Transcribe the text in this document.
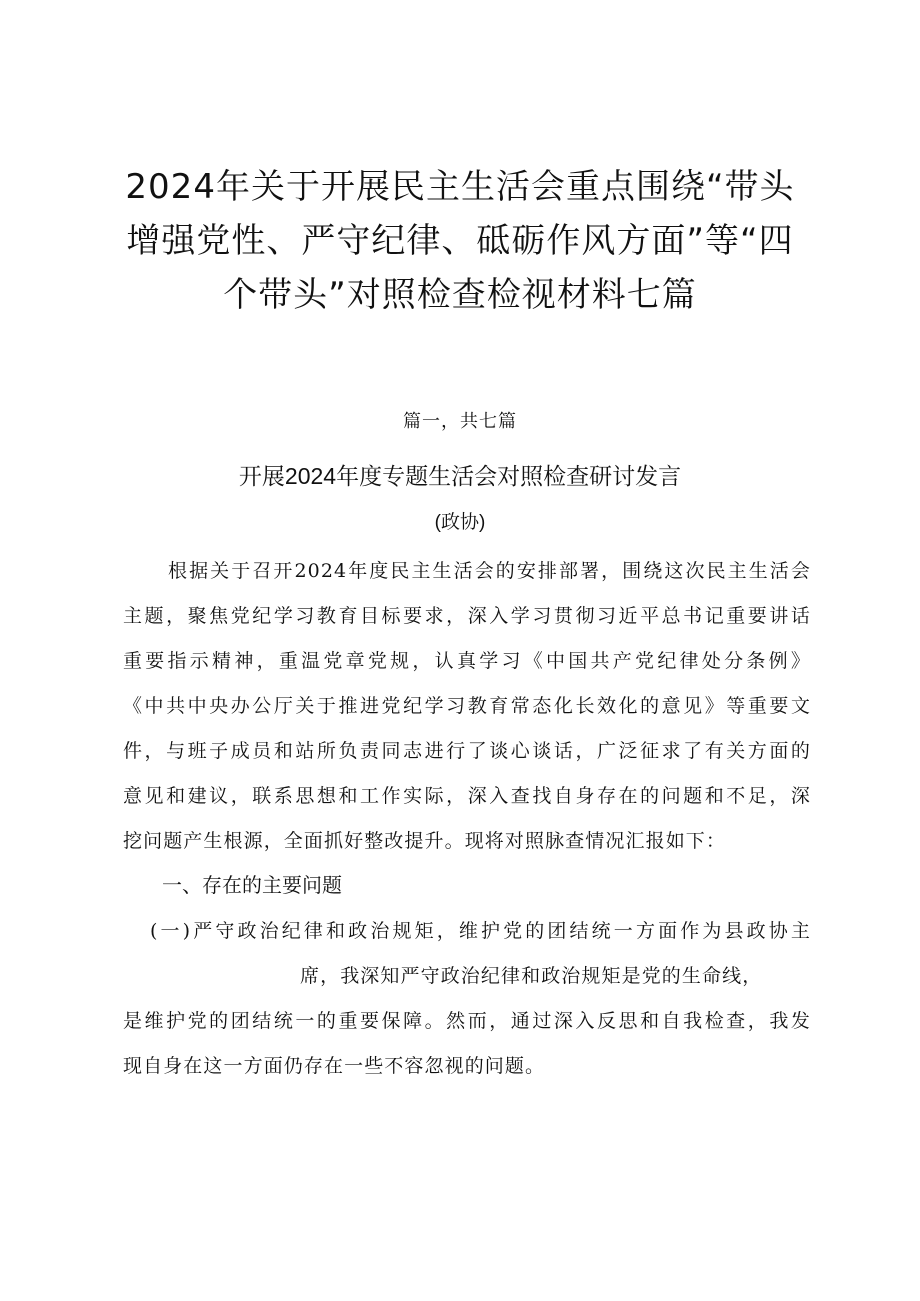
2024年关于开展民主生活会重点围绕“带头
增强党性、严守纪律、砥砺作风方面”等“四
个带头”对照检查检视材料七篇
篇一，共七篇
开展2024年度专题生活会对照检查研讨发言
(政协)

根据关于召开2024年度民主生活会的安排部署，围绕这次民主生活会

主题，聚焦党纪学习教育目标要求，深入学习贯彻习近平总书记重要讲话

重要指示精神，重温党章党规，认真学习《中国共产党纪律处分条例》

《中共中央办公厅关于推进党纪学习教育常态化长效化的意见》等重要文

件，与班子成员和站所负责同志进行了谈心谈话，广泛征求了有关方面的

意见和建议，联系思想和工作实际，深入查找自身存在的问题和不足，深

挖问题产生根源，全面抓好整改提升。现将对照脉查情况汇报如下：

一、存在的主要问题

(一)严守政治纪律和政治规矩，维护党的团结统一方面作为县政协主

席，我深知严守政治纪律和政治规矩是党的生命线，

是维护党的团结统一的重要保障。然而，通过深入反思和自我检查，我发

现自身在这一方面仍存在一些不容忽视的问题。
